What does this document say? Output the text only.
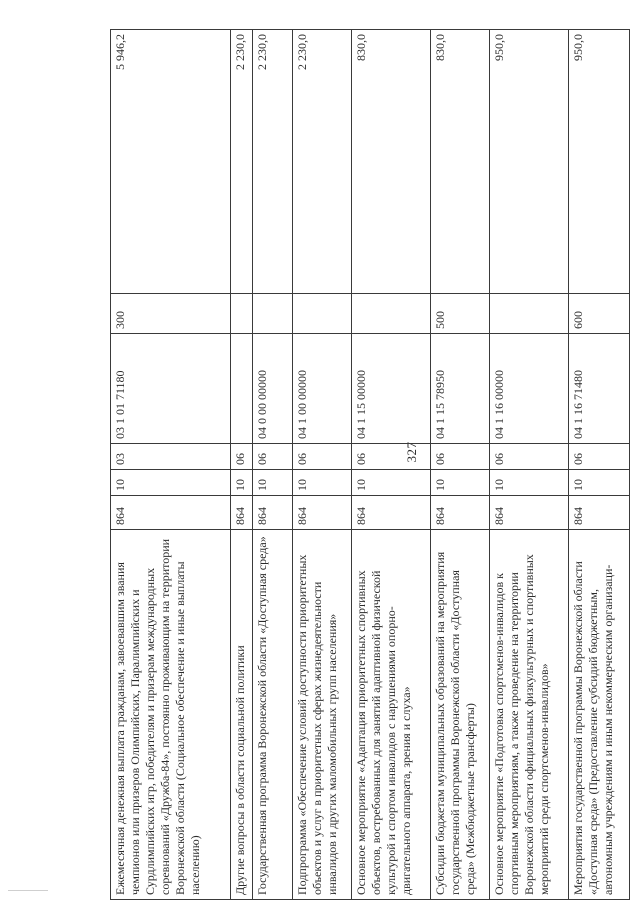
327
Ежемесячная денежная выплата гражданам, завоевавшим звания чемпионов или призеров Олимпийских, Паралимпийских и Сурдлимпийских игр, победителям и призерам международных соревнований «Дружба-84», постоянно проживающим на территории Воронежской области (Социальное обеспечение и иные выплаты населению)	864	10	03	03 1 01 71180	300	5 946,2
Другие вопросы в области социальной политики	864	10	06			2 230,0
Государственная программа Воронежской области «Доступная среда»	864	10	06	04 0 00 00000		2 230,0
Подпрограмма «Обеспечение условий доступности приоритетных объектов и услуг в приоритетных сферах жизнедеятельности инвалидов и других маломобильных групп населения»	864	10	06	04 1 00 00000		2 230,0
Основное мероприятие «Адаптация приоритетных спортивных объектов, востребованных для занятий адаптивной физической культурой и спортом инвалидов с нарушениями опорно-двигательного аппарата, зрения и слуха»	864	10	06	04 1 15 00000		830,0
Субсидии бюджетам муниципальных образований на мероприятия государственной программы Воронежской области «Доступная среда» (Межбюджетные трансферты)	864	10	06	04 1 15 78950	500	830,0
Основное мероприятие «Подготовка спортсменов-инвалидов к спортивным мероприятиям, а также проведение на территории Воронежской области официальных физкультурных и спортивных мероприятий среди спортсменов-инвалидов»	864	10	06	04 1 16 00000		950,0
Мероприятия государственной программы Воронежской области «Доступная среда» (Предоставление субсидий бюджетным, автономным учреждениям и иным некоммерческим организаци-	864	10	06	04 1 16 71480	600	950,0
